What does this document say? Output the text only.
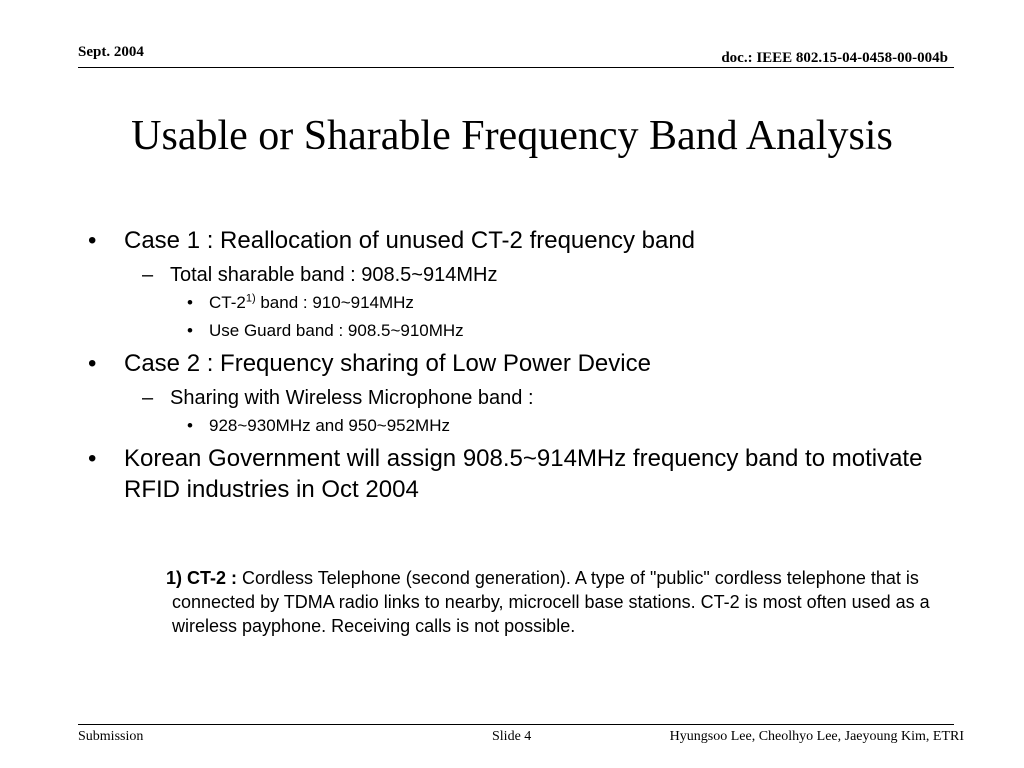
Sept. 2004	doc.: IEEE 802.15-04-0458-00-004b
Usable or Sharable Frequency Band Analysis
• Case 1 : Reallocation of unused CT-2 frequency band
– Total sharable band : 908.5~914MHz
• CT-2$^{1)}$ band : 910~914MHz
• Use Guard band : 908.5~910MHz
• Case 2 : Frequency sharing of Low Power Device
– Sharing with Wireless Microphone band :
• 928~930MHz and 950~952MHz
• Korean Government will assign 908.5~914MHz frequency band to motivate RFID industries in Oct 2004
1) CT-2 : Cordless Telephone (second generation). A type of "public" cordless telephone that is connected by TDMA radio links to nearby, microcell base stations. CT-2 is most often used as a wireless payphone. Receiving calls is not possible.
Submission	Slide 4	Hyungsoo Lee, Cheolhyo Lee, Jaeyoung Kim, ETRI
